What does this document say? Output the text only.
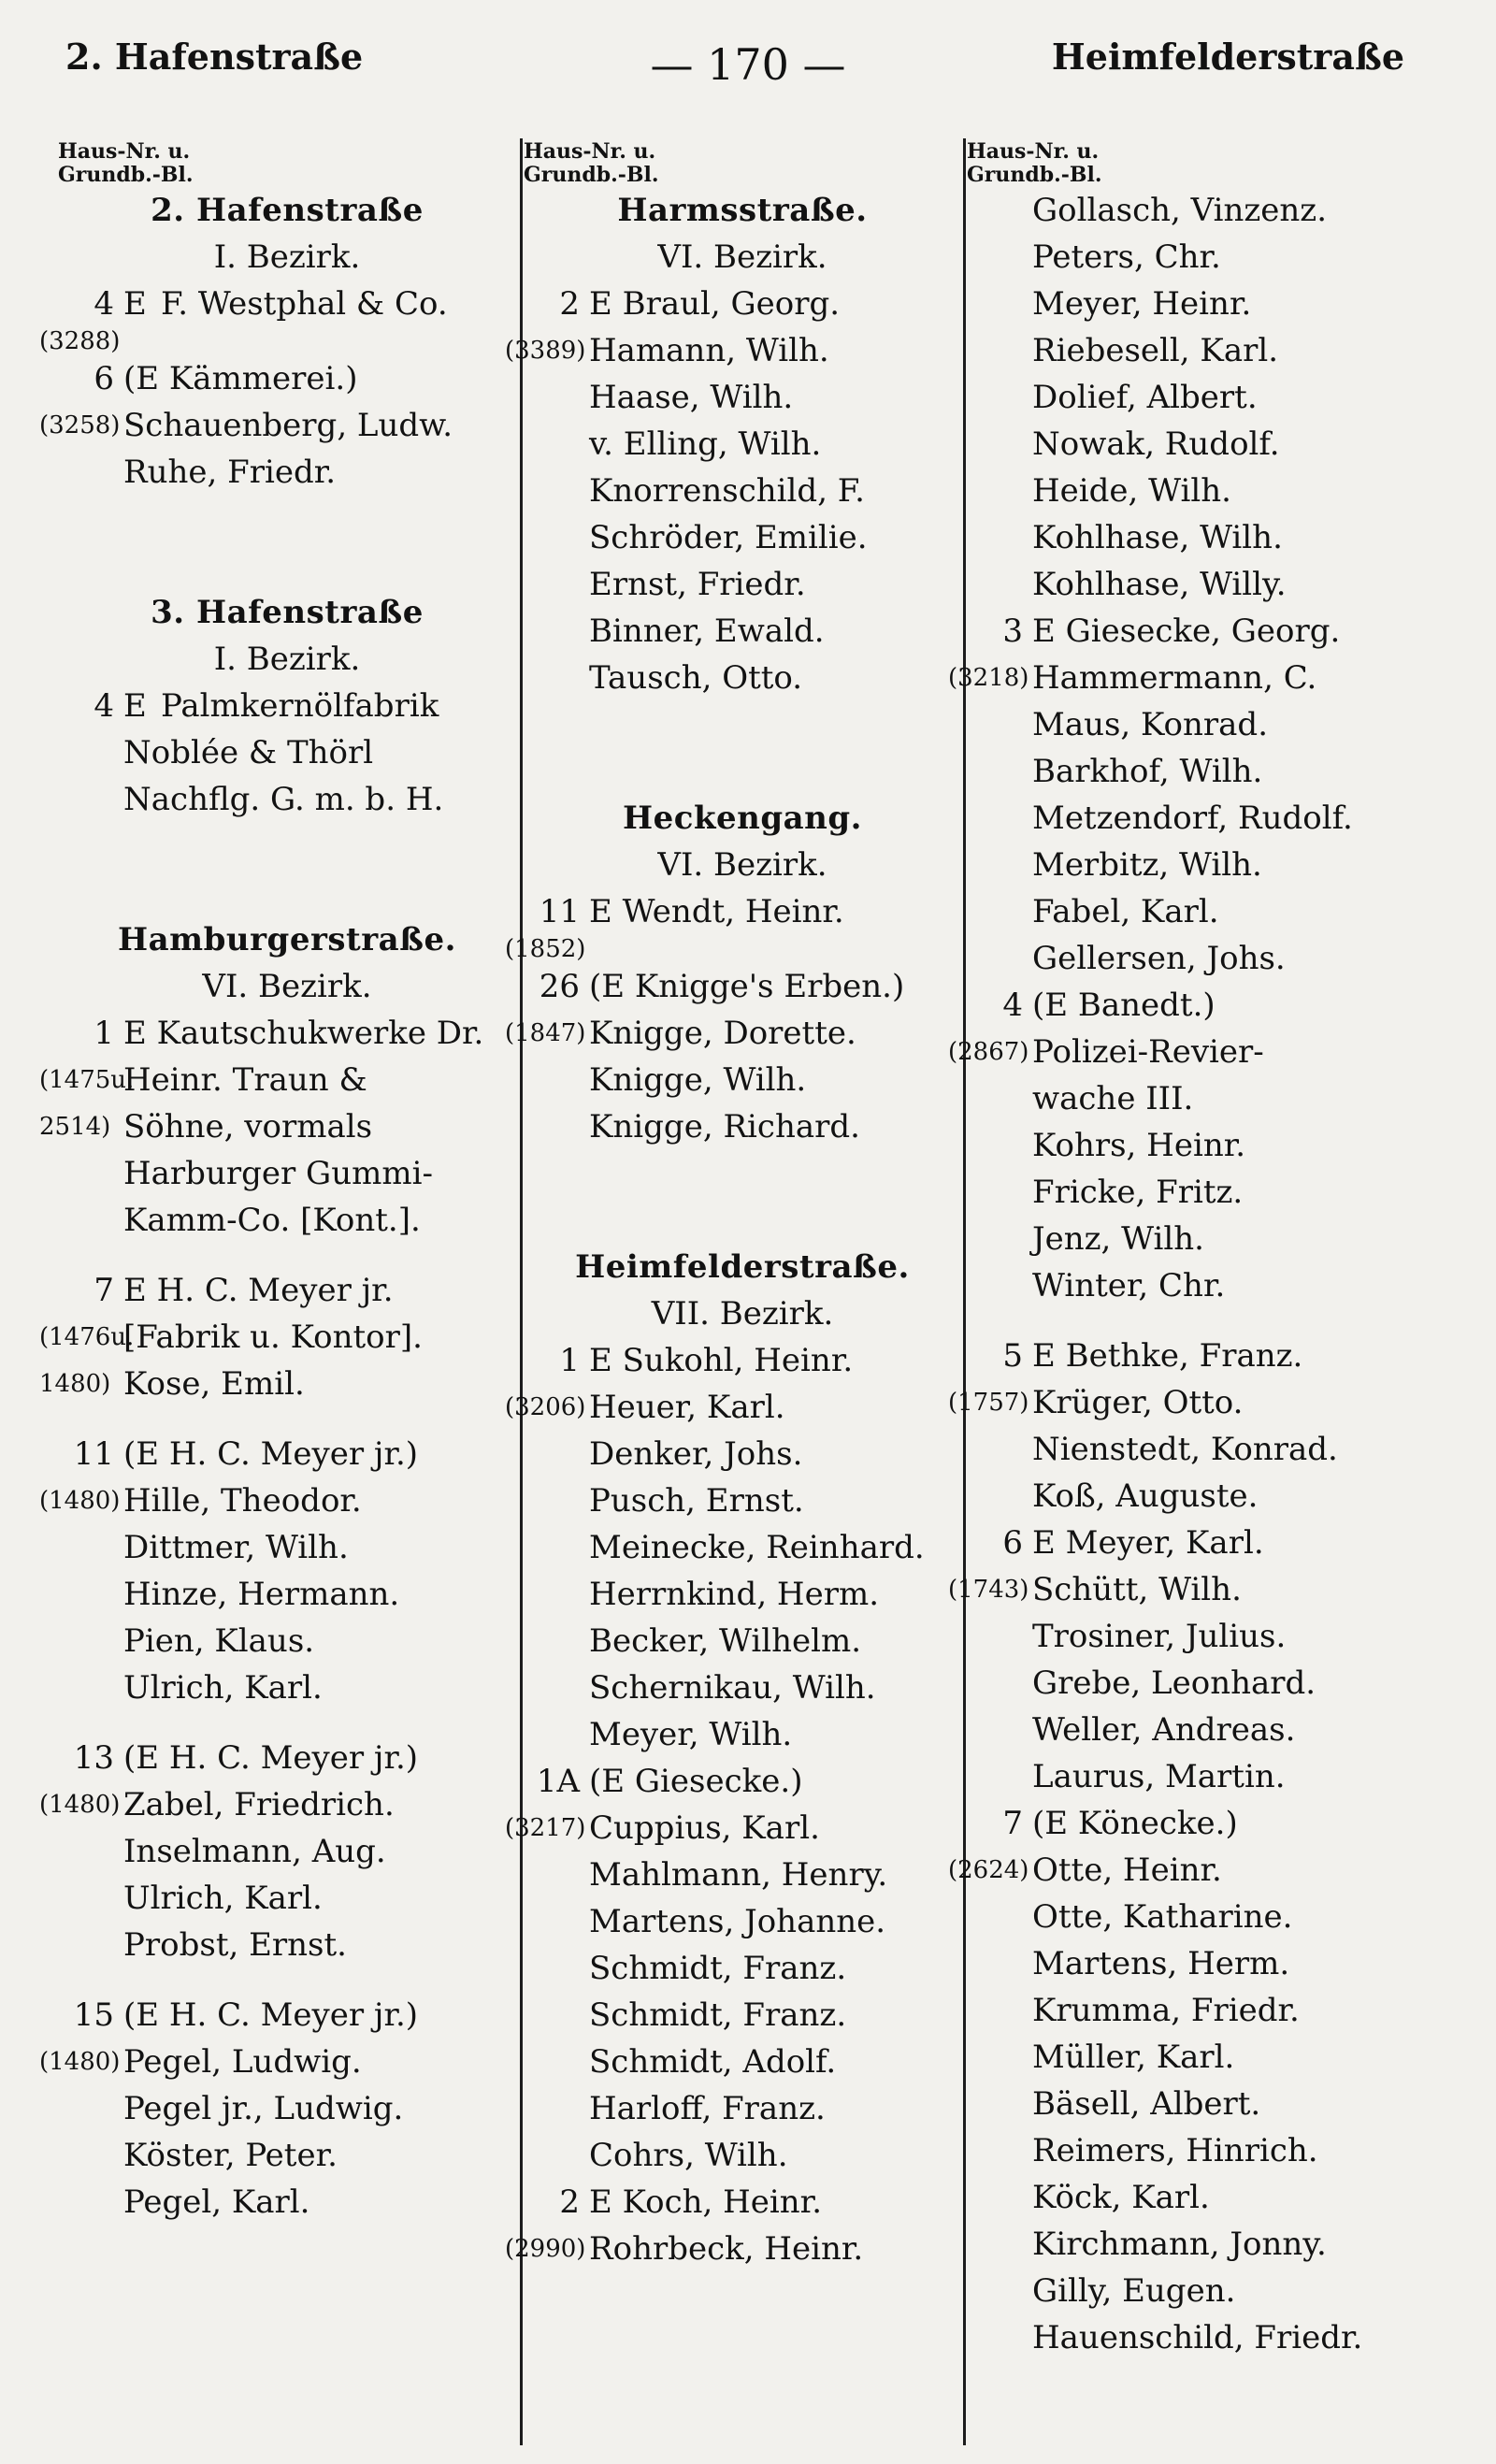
2. Hafenstraße	— 170 —	Heimfelderstraße
Haus-Nr. u.
Grundb.-Bl.
2. Hafenstraße
I. Bezirk.
4 E F. Westphal & Co.
(3288)
6 (E Kämmerei.)
(3258) Schauenberg, Ludw.
Ruhe, Friedr.
3. Hafenstraße
I. Bezirk.
4 E Palmkernölfabrik
Noblée & Thörl
Nachflg. G. m. b. H.
Hamburgerstraße.
VI. Bezirk.
1 E Kautschukwerke Dr.
(1475u.
Heinr. Traun &
2514) Söhne, vormals
Harburger Gummi-
Kamm-Co. [Kont.].
7 E H. C. Meyer jr.
(1476u.
[Fabrik u. Kontor].
1480) Kose, Emil.
11 (E H. C. Meyer jr.)
(1480) Hille, Theodor.
Dittmer, Wilh.
Hinze, Hermann.
Pien, Klaus.
Ulrich, Karl.
13 (E H. C. Meyer jr.)
(1480) Zabel, Friedrich.
Inselmann, Aug.
Ulrich, Karl.
Probst, Ernst.
15 (E H. C. Meyer jr.)
(1480) Pegel, Ludwig.
Pegel jr., Ludwig.
Köster, Peter.
Pegel, Karl.
Haus-Nr. u.
Grundb.-Bl.
Harmsstraße.
VI. Bezirk.
2 E Braul, Georg.
(3389) Hamann, Wilh.
Haase, Wilh.
v. Elling, Wilh.
Knorrenschild, F.
Schröder, Emilie.
Ernst, Friedr.
Binner, Ewald.
Tausch, Otto.
Heckengang.
VI. Bezirk.
11 E Wendt, Heinr.
(1852)
26 (E Knigge's Erben.)
(1847) Knigge, Dorette.
Knigge, Wilh.
Knigge, Richard.
Heimfelderstraße.
VII. Bezirk.
1 E Sukohl, Heinr.
(3206) Heuer, Karl.
Denker, Johs.
Pusch, Ernst.
Meinecke, Reinhard.
Herrnkind, Herm.
Becker, Wilhelm.
Schernikau, Wilh.
Meyer, Wilh.
1A (E Giesecke.)
(3217) Cuppius, Karl.
Mahlmann, Henry.
Martens, Johanne.
Schmidt, Franz.
Schmidt, Franz.
Schmidt, Adolf.
Harloff, Franz.
Cohrs, Wilh.
2 E Koch, Heinr.
(2990) Rohrbeck, Heinr.
Haus-Nr. u.
Grundb.-Bl.
Gollasch, Vinzenz.
Peters, Chr.
Meyer, Heinr.
Riebesell, Karl.
Dolief, Albert.
Nowak, Rudolf.
Heide, Wilh.
Kohlhase, Wilh.
Kohlhase, Willy.
3 E Giesecke, Georg.
(3218) Hammermann, C.
Maus, Konrad.
Barkhof, Wilh.
Metzendorf, Rudolf.
Merbitz, Wilh.
Fabel, Karl.
Gellersen, Johs.
4 (E Banedt.)
(2867) Polizei-Revier-
wache III.
Kohrs, Heinr.
Fricke, Fritz.
Jenz, Wilh.
Winter, Chr.
5 E Bethke, Franz.
(1757) Krüger, Otto.
Nienstedt, Konrad.
Koß, Auguste.
6 E Meyer, Karl.
(1743) Schütt, Wilh.
Trosiner, Julius.
Grebe, Leonhard.
Weller, Andreas.
Laurus, Martin.
7 (E Könecke.)
(2624) Otte, Heinr.
Otte, Katharine.
Martens, Herm.
Krumma, Friedr.
Müller, Karl.
Bäsell, Albert.
Reimers, Hinrich.
Köck, Karl.
Kirchmann, Jonny.
Gilly, Eugen.
Hauenschild, Friedr.
